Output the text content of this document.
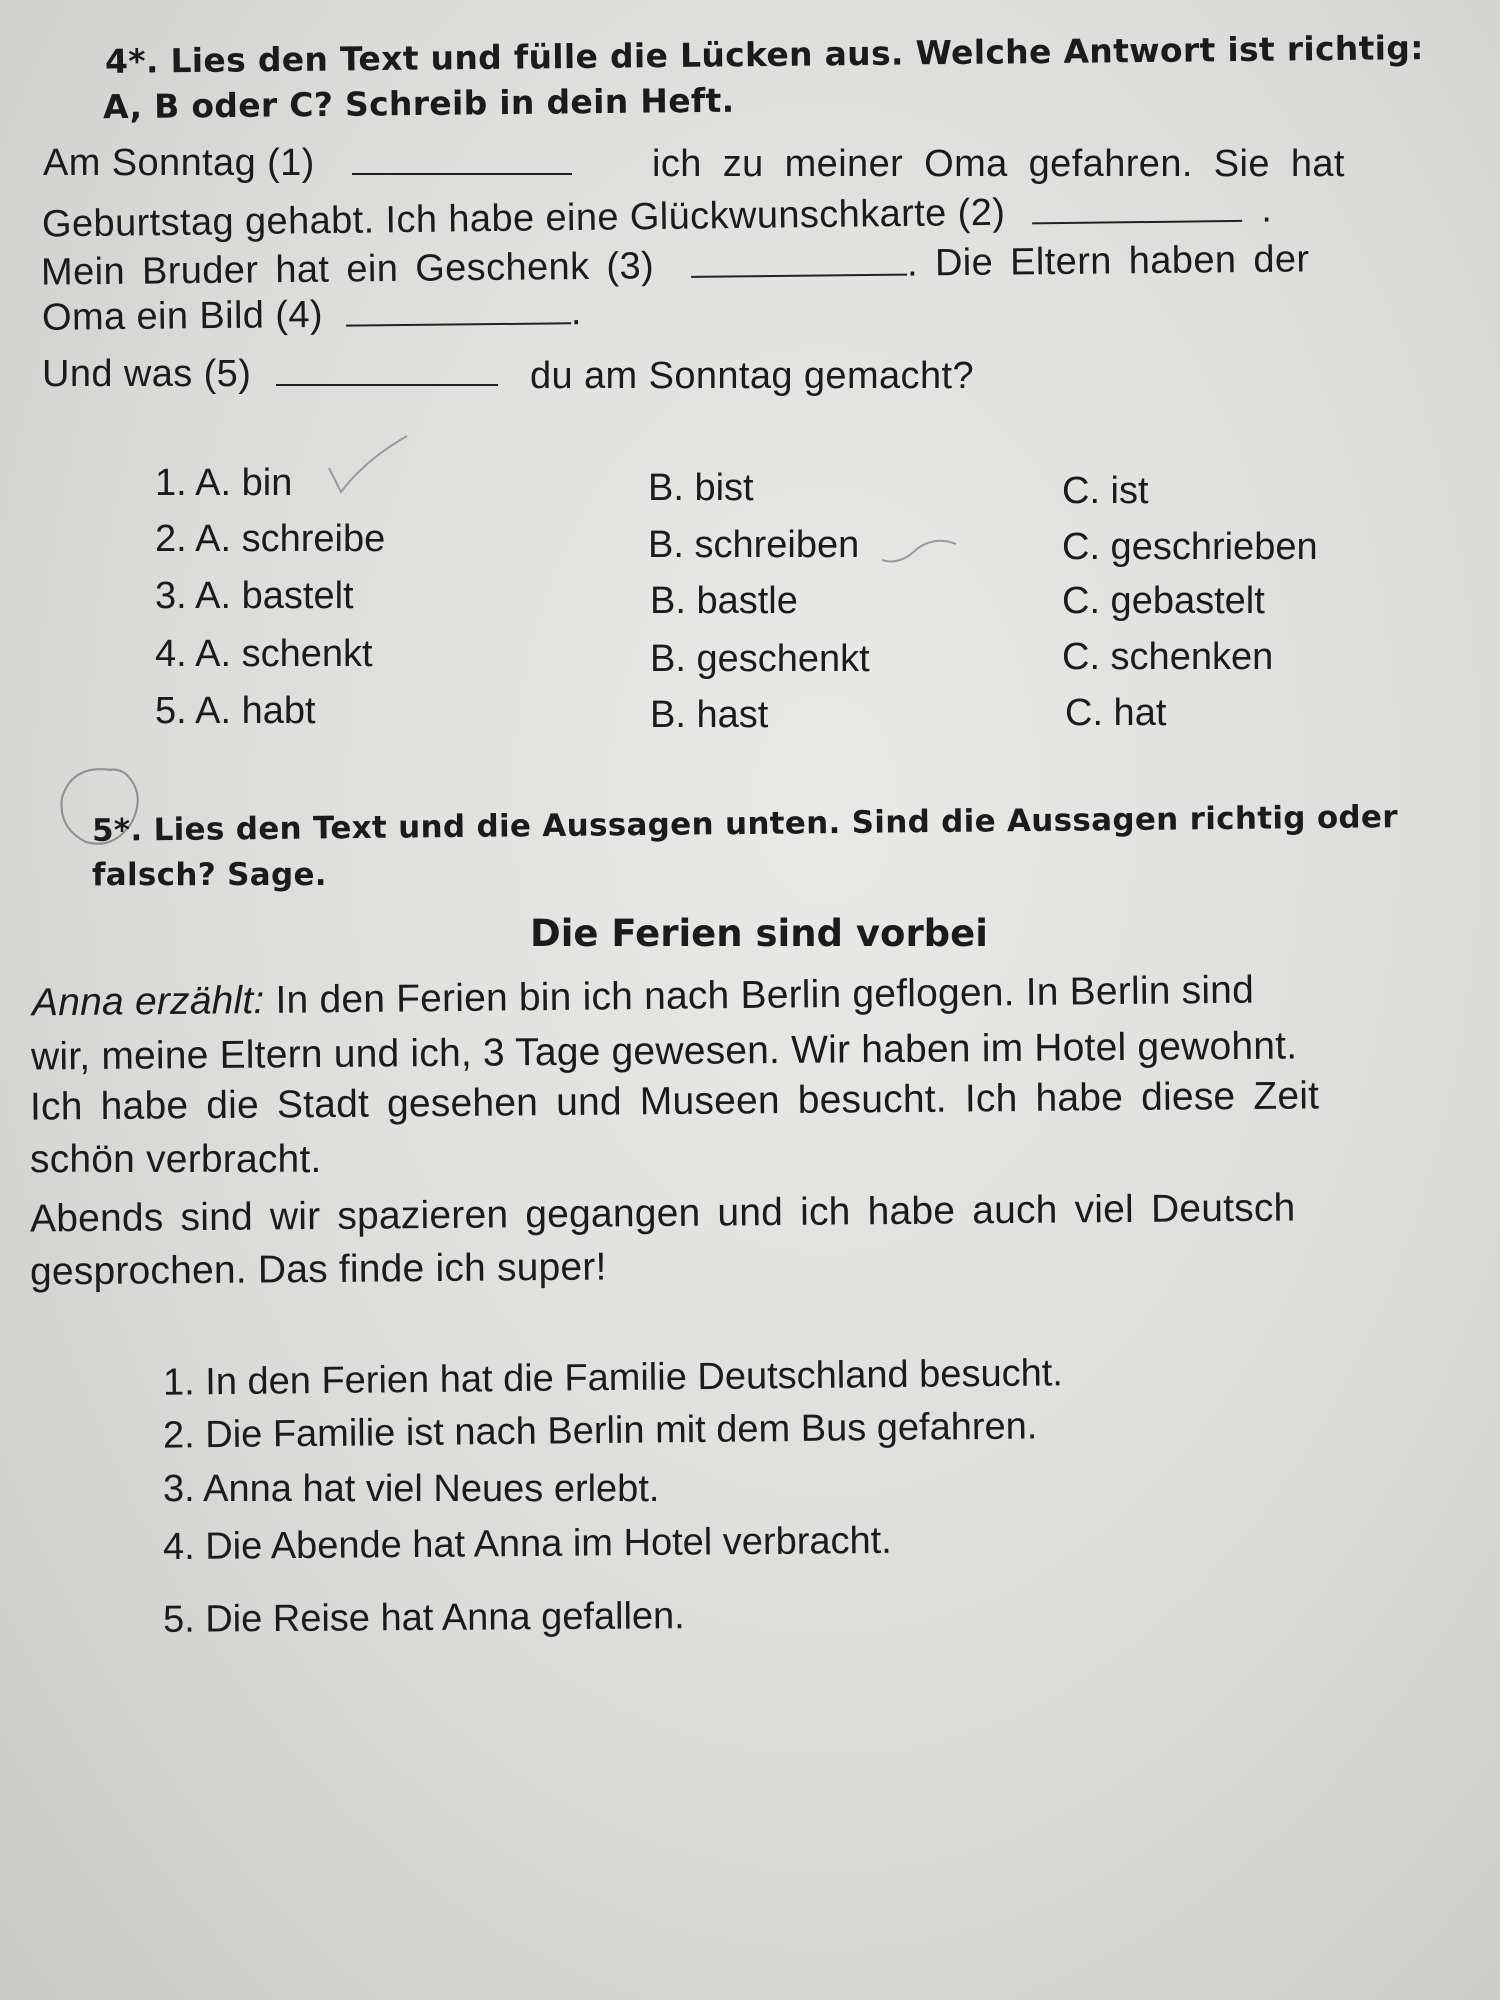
4*. Lies den Text und fülle die Lücken aus. Welche Antwort ist richtig:
A, B oder C? Schreib in dein Heft.
Am Sonntag (1)	ich zu meiner Oma gefahren. Sie hat
Geburtstag gehabt. Ich habe eine Glückwunschkarte (2)	.
Mein Bruder hat ein Geschenk (3)	. Die Eltern haben der
Oma ein Bild (4)	.
Und was (5)	du am Sonntag gemacht?
1. A. bin	B. bist	C. ist
2. A. schreibe	B. schreiben	C. geschrieben
3. A. bastelt	B. bastle	C. gebastelt
4. A. schenkt	B. geschenkt	C. schenken
5. A. habt	B. hast	C. hat
5*. Lies den Text und die Aussagen unten. Sind die Aussagen richtig oder
falsch? Sage.
Die Ferien sind vorbei
Anna erzählt: In den Ferien bin ich nach Berlin geflogen. In Berlin sind
wir, meine Eltern und ich, 3 Tage gewesen. Wir haben im Hotel gewohnt.
Ich habe die Stadt gesehen und Museen besucht. Ich habe diese Zeit
schön verbracht.
Abends sind wir spazieren gegangen und ich habe auch viel Deutsch
gesprochen. Das finde ich super!
1. In den Ferien hat die Familie Deutschland besucht.
2. Die Familie ist nach Berlin mit dem Bus gefahren.
3. Anna hat viel Neues erlebt.
4. Die Abende hat Anna im Hotel verbracht.
5. Die Reise hat Anna gefallen.
